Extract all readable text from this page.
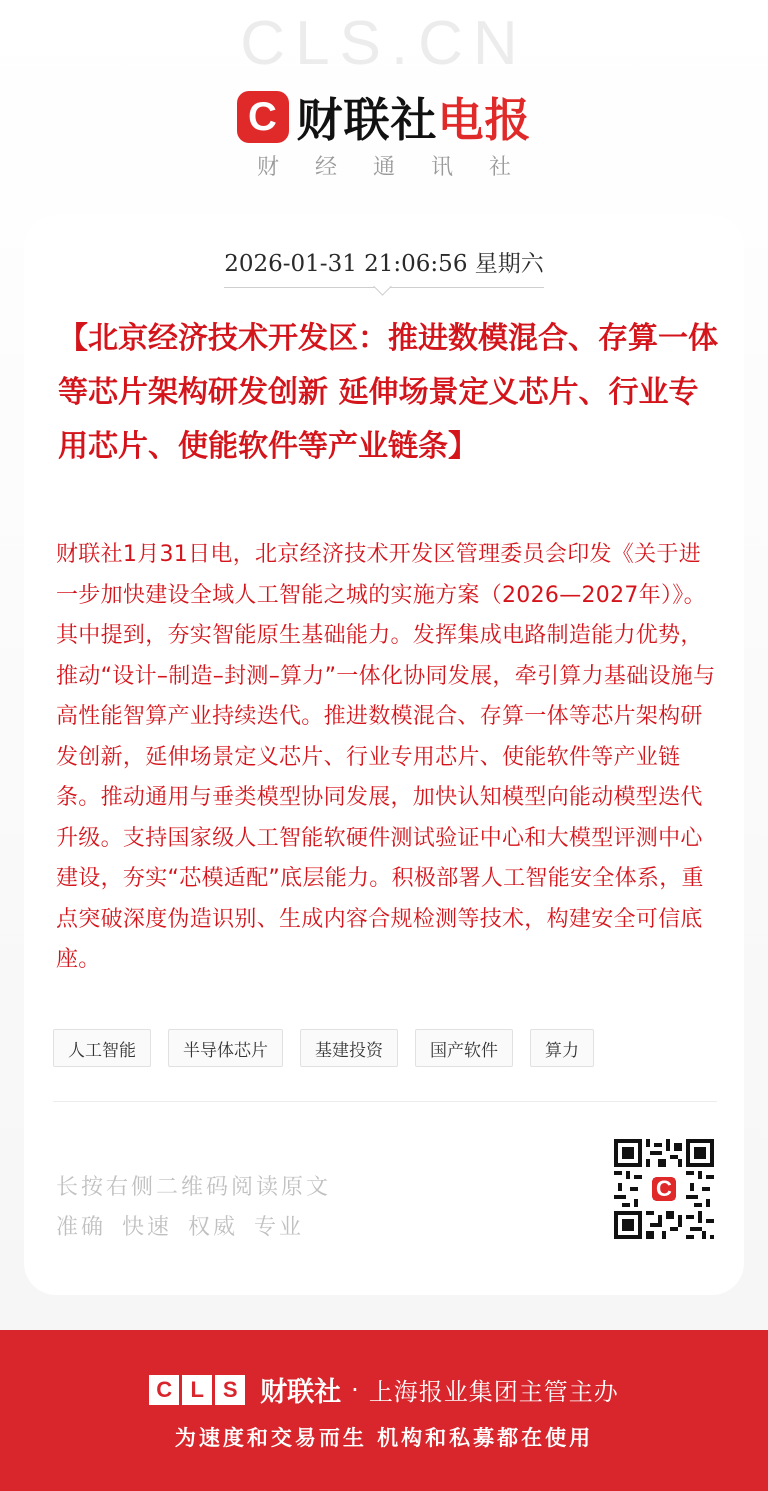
CLS.CN
C 财联社 电报
财经通讯社
2026-01-31 21:06:56 星期六
【北京经济技术开发区：推进数模混合、存算一体等芯片架构研发创新 延伸场景定义芯片、行业专用芯片、使能软件等产业链条】

财联社1月31日电，北京经济技术开发区管理委员会印发《关于进一步加快建设全域人工智能之城的实施方案（2026—2027年）》。其中提到，夯实智能原生基础能力。发挥集成电路制造能力优势，推动“设计–制造–封测–算力”一体化协同发展，牵引算力基础设施与高性能智算产业持续迭代。推进数模混合、存算一体等芯片架构研发创新，延伸场景定义芯片、行业专用芯片、使能软件等产业链条。推动通用与垂类模型协同发展，加快认知模型向能动模型迭代升级。支持国家级人工智能软硬件测试验证中心和大模型评测中心建设，夯实“芯模适配”底层能力。积极部署人工智能安全体系，重点突破深度伪造识别、生成内容合规检测等技术，构建安全可信底座。

人工智能	半导体芯片	基建投资	国产软件	算力
长按右侧二维码阅读原文
准确 快速 权威 专业
C
C L S 财联社 · 上海报业集团主管主办
为速度和交易而生 机构和私募都在使用
